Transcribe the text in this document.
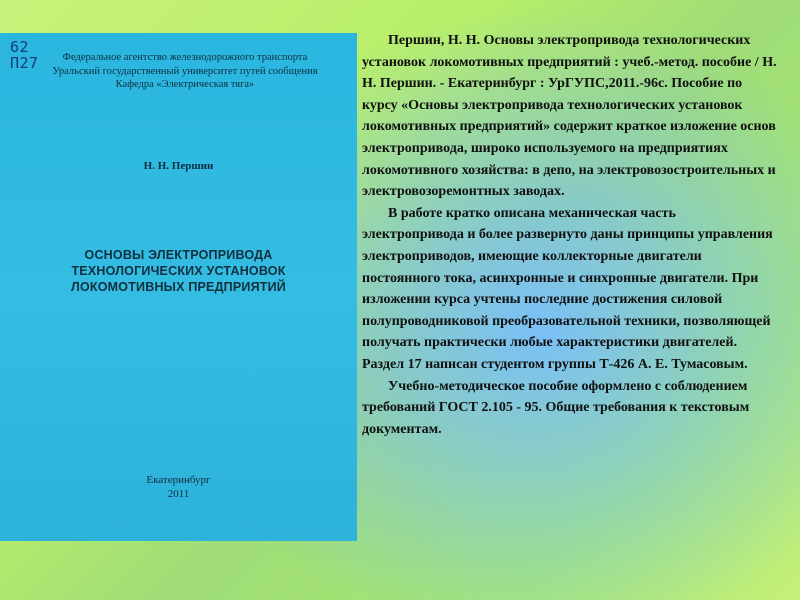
62
П27	Федеральное агентство железнодорожного транспорта
Уральский государственный университет путей сообщения
Кафедра «Электрическая тяга»
Н. Н. Першин
ОСНОВЫ ЭЛЕКТРОПРИВОДА
ТЕХНОЛОГИЧЕСКИХ УСТАНОВОК
ЛОКОМОТИВНЫХ ПРЕДПРИЯТИЙ
Екатеринбург
2011

Першин, Н. Н. Основы электропривода технологических установок локомотивных предприятий : учеб.-метод. пособие / Н. Н. Першин. - Екатеринбург : УрГУПС,2011.-96с. Пособие по курсу «Основы электропривода технологических установок локомотивных предприятий» содержит краткое изложение основ электропривода, широко используемого на предприятиях локомотивного хозяйства: в депо, на электровозостроительных и электровозоремонтных заводах.

В работе кратко описана механическая часть электропривода и более развернуто даны принципы управления электроприводов, имеющие коллекторные двигатели постоянного тока, асинхронные и синхронные двигатели. При изложении курса учтены последние достижения силовой полупроводниковой преобразовательной техники, позволяющей получать практически любые характеристики двигателей. Раздел 17 написан студентом группы Т-426 А. Е. Тумасовым.

Учебно-методическое пособие оформлено с соблюдением требований ГОСТ 2.105 - 95. Общие требования к текстовым документам.
